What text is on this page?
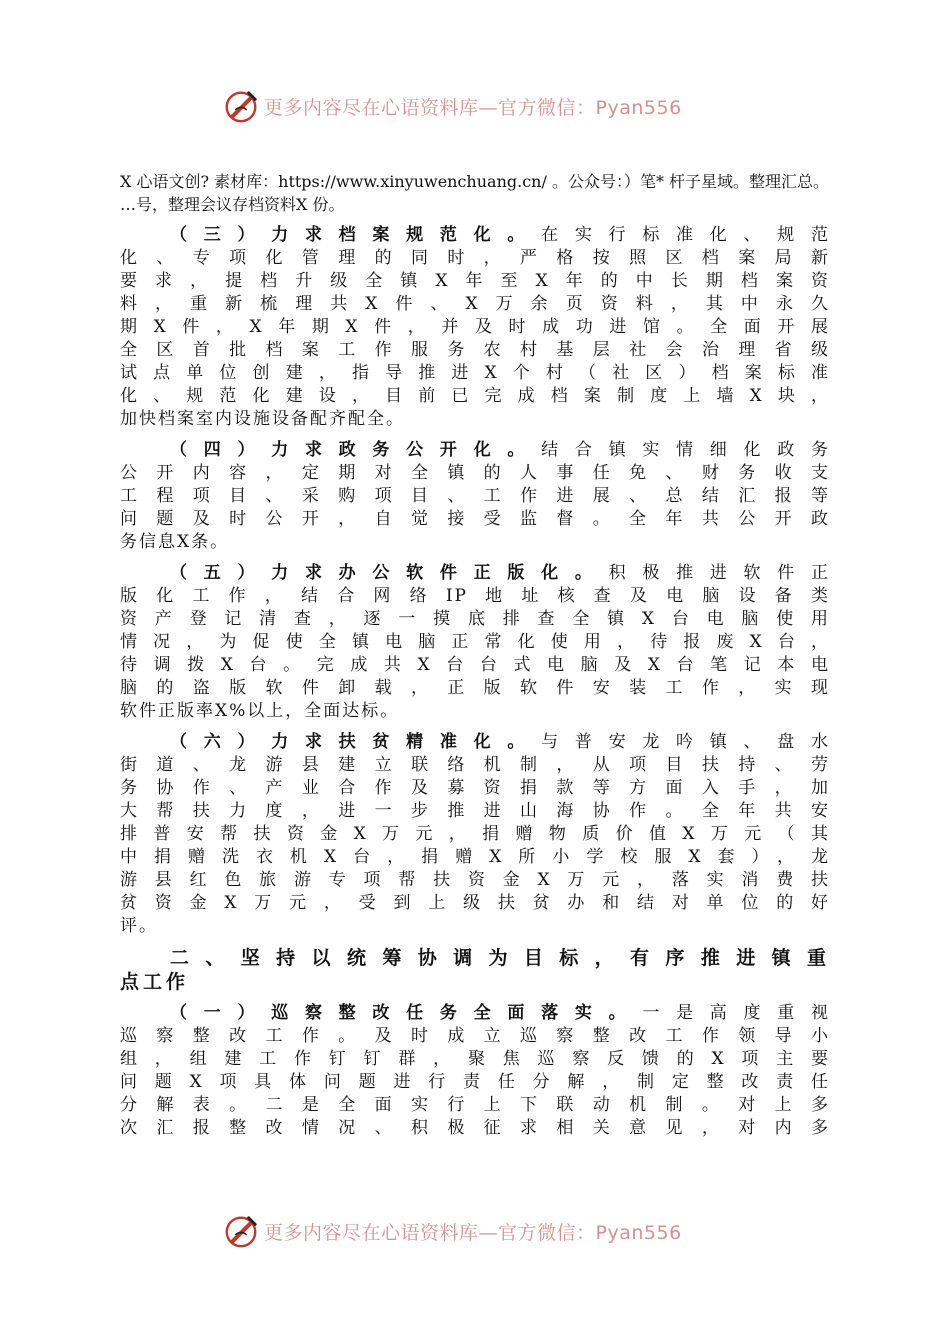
更多内容尽在心语资料库—官方微信：Pyan556
X 心语文创? 素材库：https://www.xinyuwenchuang.cn/ 。公众号：）笔* 杆子星域。整理汇总。
…号，整理会议存档资料X 份。
（三）力求档案规范化。在实行标准化、规范
化、专项化管理的同时，严格按照区档案局新
要求，提档升级全镇X年至X年的中长期档案资
料，重新梳理共X件、X万余页资料，其中永久
期X件，X年期X件，并及时成功进馆。全面开展
全区首批档案工作服务农村基层社会治理省级
试点单位创建，指导推进X个村（社区）档案标准
化、规范化建设，目前已完成档案制度上墙X块，
加快档案室内设施设备配齐配全。
（四）力求政务公开化。结合镇实情细化政务
公开内容，定期对全镇的人事任免、财务收支
工程项目、采购项目、工作进展、总结汇报等
问题及时公开，自觉接受监督。全年共公开政
务信息X条。
（五）力求办公软件正版化。积极推进软件正
版化工作，结合网络IP地址核查及电脑设备类
资产登记清查，逐一摸底排查全镇X台电脑使用
情况，为促使全镇电脑正常化使用，待报废X台，
待调拨X台。完成共X台台式电脑及X台笔记本电
脑的盗版软件卸载，正版软件安装工作，实现
软件正版率X%以上，全面达标。
（六）力求扶贫精准化。与普安龙吟镇、盘水
街道、龙游县建立联络机制，从项目扶持、劳
务协作、产业合作及募资捐款等方面入手，加
大帮扶力度，进一步推进山海协作。全年共安
排普安帮扶资金X万元，捐赠物质价值X万元（其
中捐赠洗衣机X台，捐赠X所小学校服X套），龙
游县红色旅游专项帮扶资金X万元，落实消费扶
贫资金X万元，受到上级扶贫办和结对单位的好
评。
二、坚持以统筹协调为目标，有序推进镇重
点工作
（一）巡察整改任务全面落实。一是高度重视
巡察整改工作。及时成立巡察整改工作领导小
组，组建工作钉钉群，聚焦巡察反馈的X项主要
问题X项具体问题进行责任分解，制定整改责任
分解表。二是全面实行上下联动机制。对上多
次汇报整改情况、积极征求相关意见，对内多
更多内容尽在心语资料库—官方微信：Pyan556
